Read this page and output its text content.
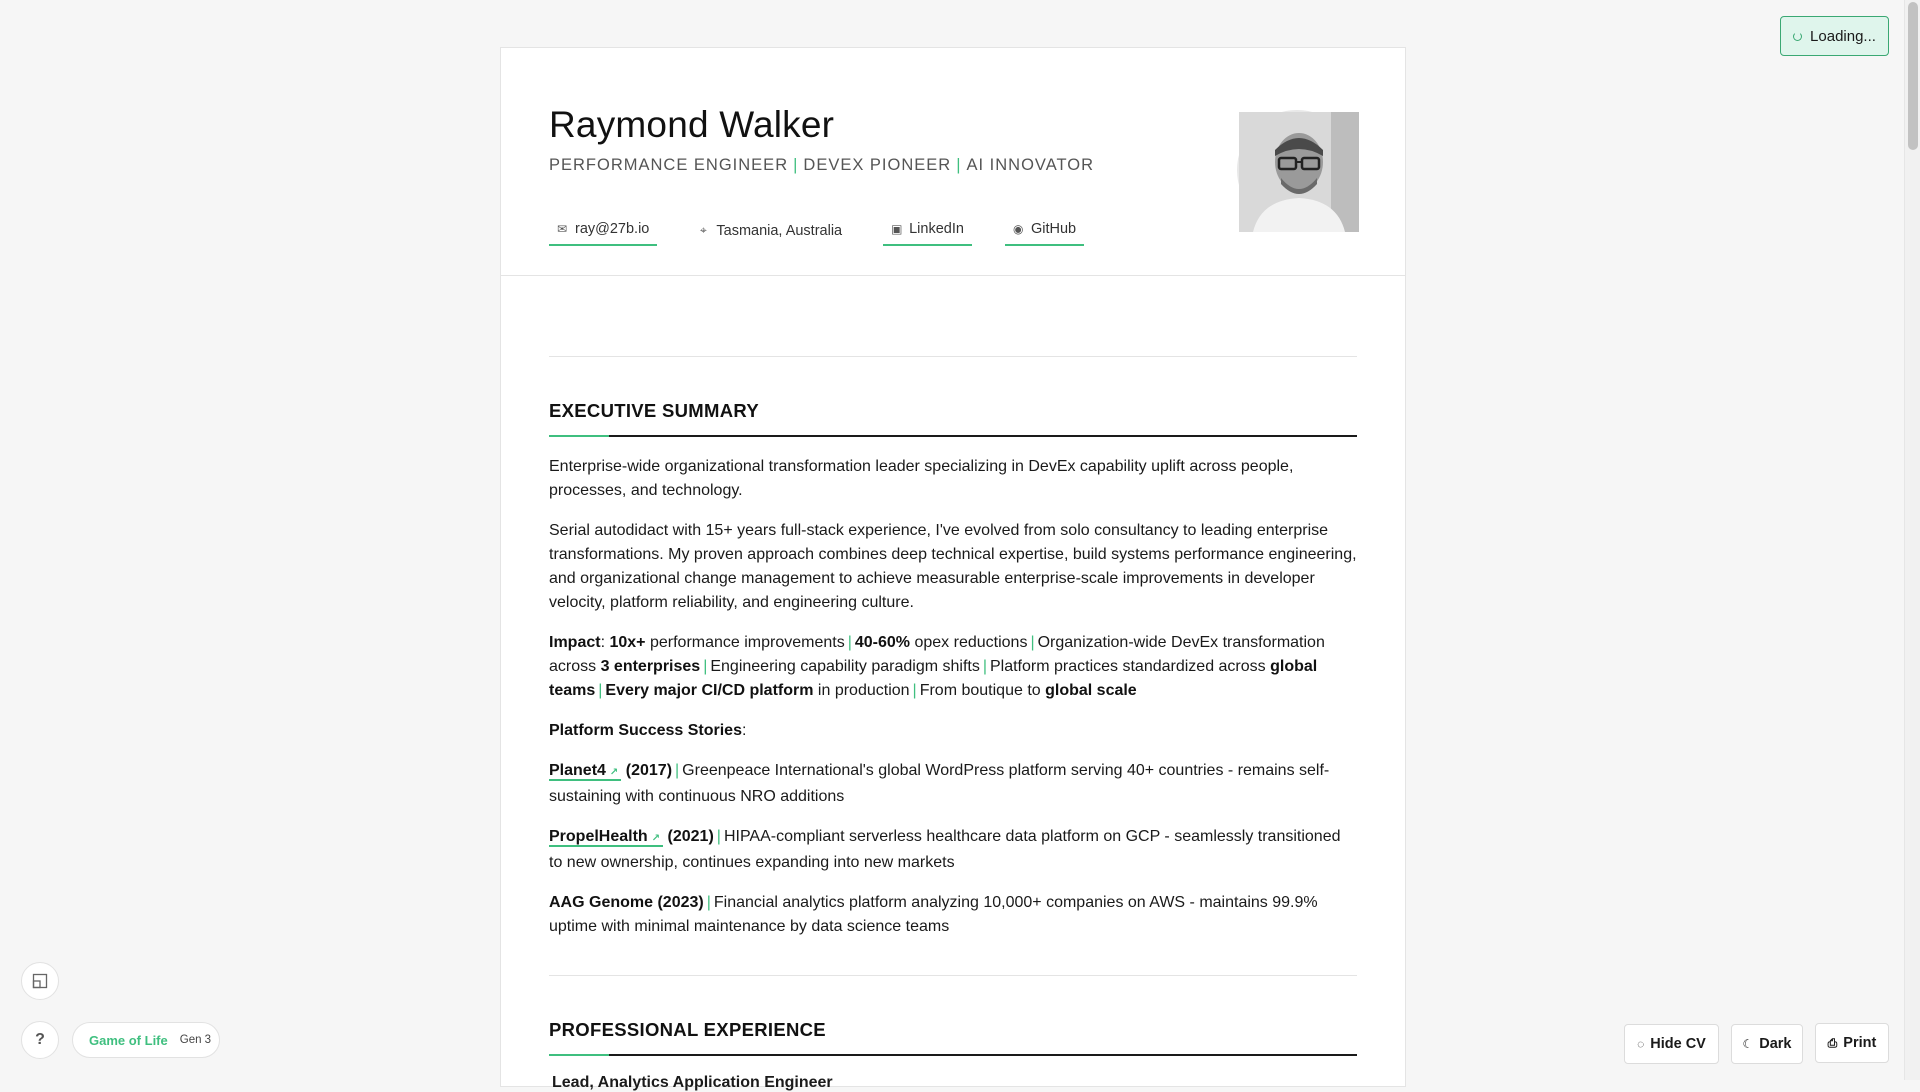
Loading...
Raymond Walker
PERFORMANCE ENGINEER | DEVEX PIONEER | AI INNOVATOR
✉ ray@27b.io	⌖ Tasmania, Australia	▣ LinkedIn	◉ GitHub
EXECUTIVE SUMMARY

Enterprise-wide organizational transformation leader specializing in DevEx capability uplift across people, processes, and technology.

Serial autodidact with 15+ years full-stack experience, I've evolved from solo consultancy to leading enterprise transformations. My proven approach combines deep technical expertise, build systems performance engineering, and organizational change management to achieve measurable enterprise-scale improvements in developer velocity, platform reliability, and engineering culture.

Impact: 10x+ performance improvements | 40-60% opex reductions | Organization-wide DevEx transformation across 3 enterprises | Engineering capability paradigm shifts | Platform practices standardized across global teams | Every major CI/CD platform in production | From boutique to global scale

Platform Success Stories:

Planet4 ↗ (2017) | Greenpeace International's global WordPress platform serving 40+ countries - remains self-sustaining with continuous NRO additions

PropelHealth ↗ (2021) | HIPAA-compliant serverless healthcare data platform on GCP - seamlessly transitioned to new ownership, continues expanding into new markets

AAG Genome (2023) | Financial analytics platform analyzing 10,000+ companies on AWS - maintains 99.9% uptime with minimal maintenance by data science teams

PROFESSIONAL EXPERIENCE
Lead, Analytics Application Engineer
?	Game of Life Gen 3	◌ Hide CV	☾ Dark	⎙ Print
